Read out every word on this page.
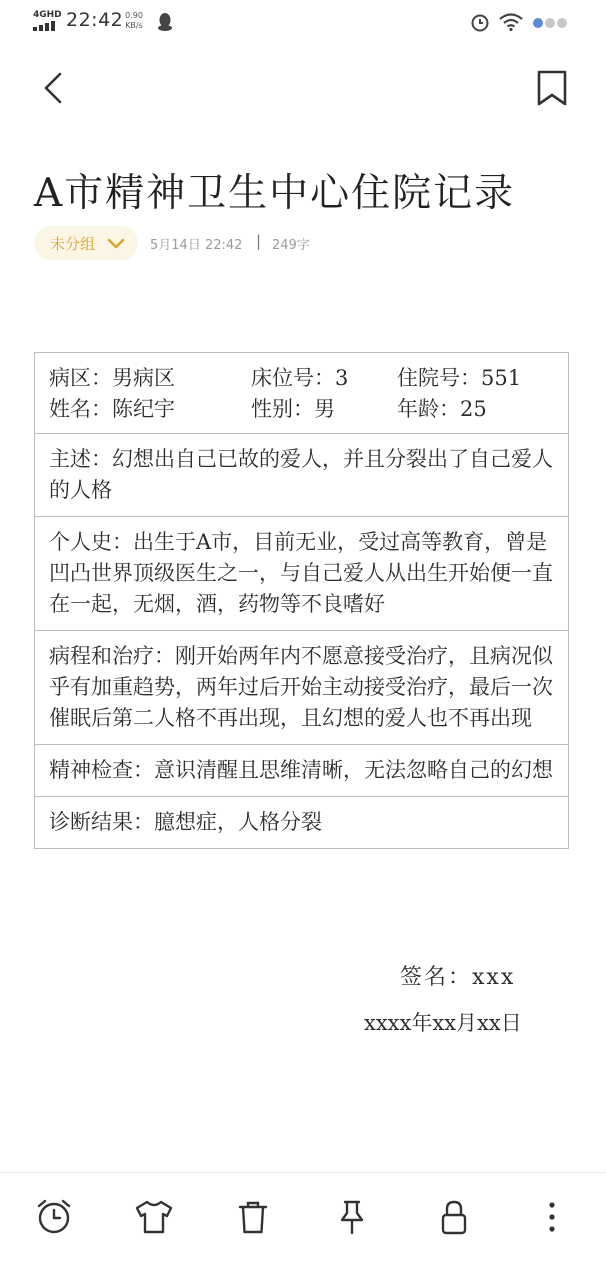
4GHD 22:42 0.90
KB/s
A市精神卫生中心住院记录
未分组	5月14日 22:42 | 249字
病区：男病区	床位号：3 住院号：551
姓名：陈纪宇	性别：男	年龄：25
主述：幻想出自己已故的爱人，并且分裂出了自己爱人的人格
个人史：出生于A市，目前无业，受过高等教育，曾是凹凸世界顶级医生之一，与自己爱人从出生开始便一直在一起，无烟，酒，药物等不良嗜好
病程和治疗：刚开始两年内不愿意接受治疗，且病况似乎有加重趋势，两年过后开始主动接受治疗，最后一次催眠后第二人格不再出现，且幻想的爱人也不再出现
精神检查：意识清醒且思维清晰，无法忽略自己的幻想
诊断结果：臆想症，人格分裂
签名：xxx
xxxx年xx月xx日
